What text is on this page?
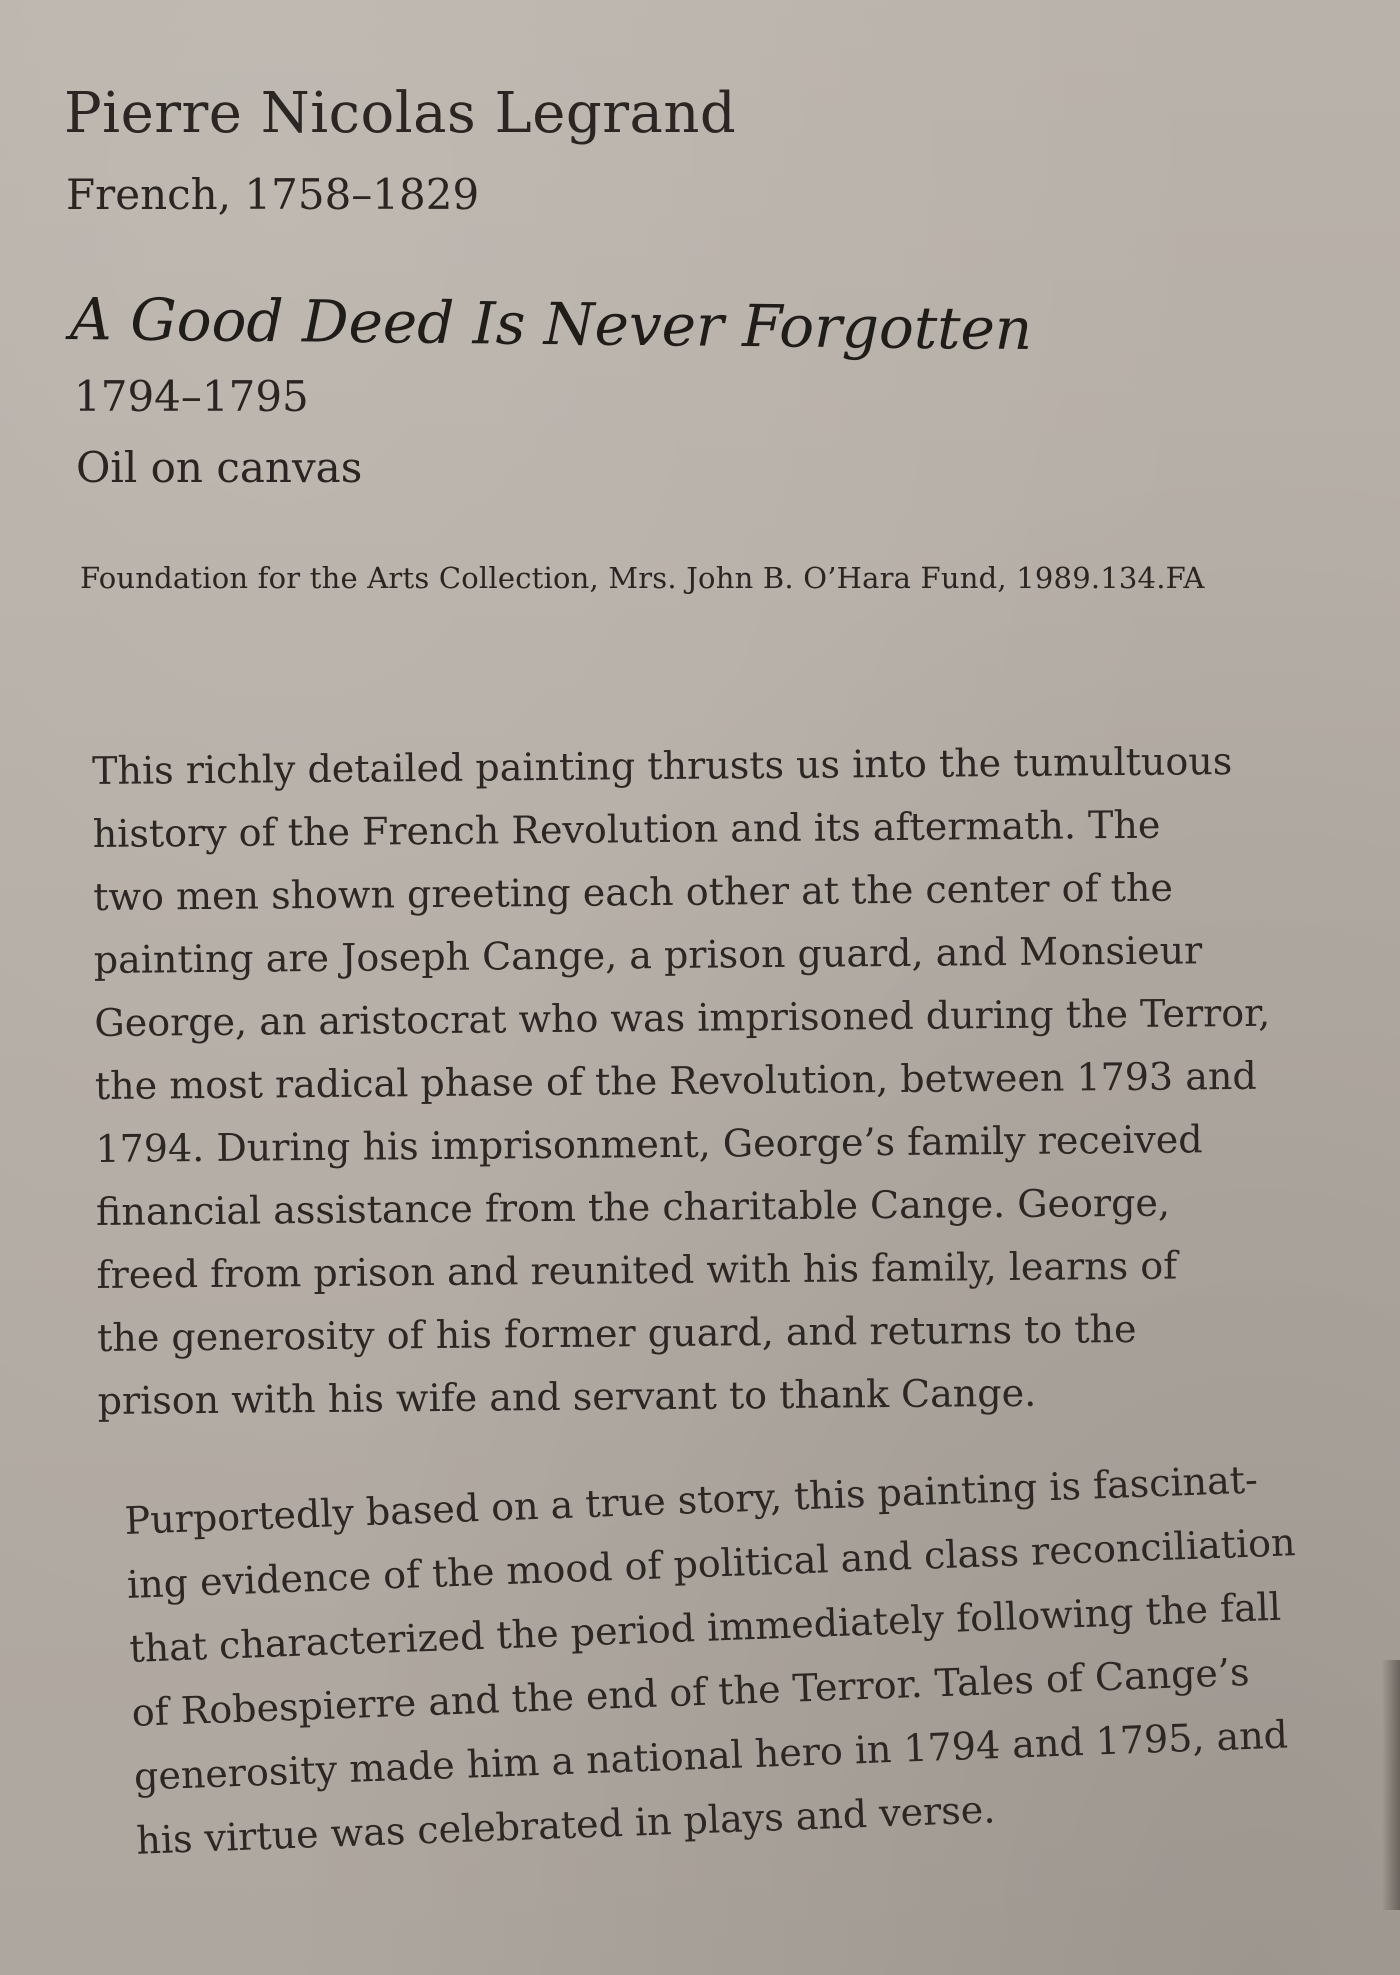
Pierre Nicolas Legrand
French, 1758–1829
A Good Deed Is Never Forgotten
1794–1795
Oil on canvas
Foundation for the Arts Collection, Mrs. John B. O’Hara Fund, 1989.134.FA
This richly detailed painting thrusts us into the tumultuous
history of the French Revolution and its aftermath. The
two men shown greeting each other at the center of the
painting are Joseph Cange, a prison guard, and Monsieur
George, an aristocrat who was imprisoned during the Terror,
the most radical phase of the Revolution, between 1793 and
1794. During his imprisonment, George’s family received
financial assistance from the charitable Cange. George,
freed from prison and reunited with his family, learns of
the generosity of his former guard, and returns to the
prison with his wife and servant to thank Cange.
Purportedly based on a true story, this painting is fascinat-
ing evidence of the mood of political and class reconciliation
that characterized the period immediately following the fall
of Robespierre and the end of the Terror. Tales of Cange’s
generosity made him a national hero in 1794 and 1795, and
his virtue was celebrated in plays and verse.
